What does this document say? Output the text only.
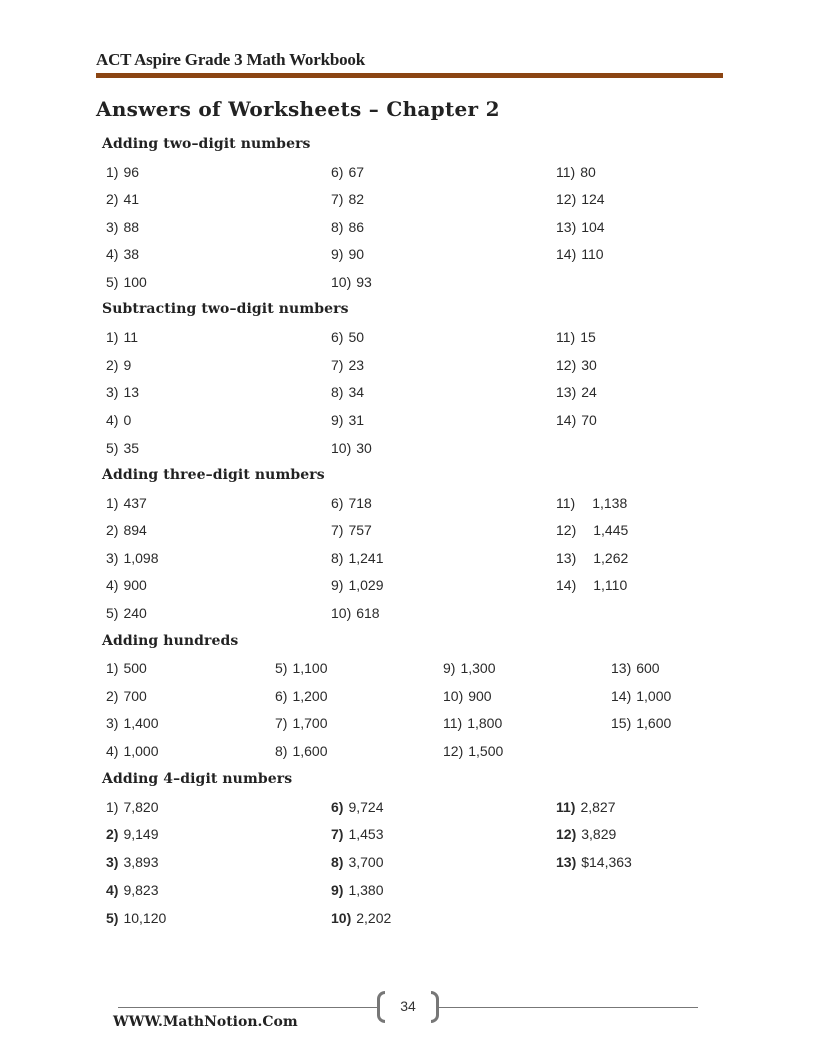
ACT Aspire Grade 3 Math Workbook
Answers of Worksheets – Chapter 2
Adding two–digit numbers
1) 96
2) 41
3) 88
4) 38
5) 100
6) 67
7) 82
8) 86
9) 90
10) 93
11) 80
12) 124
13) 104
14) 110
Subtracting two–digit numbers
1) 11
2) 9
3) 13
4) 0
5) 35
6) 50
7) 23
8) 34
9) 31
10) 30
11) 15
12) 30
13) 24
14) 70
Adding three–digit numbers
1) 437
2) 894
3) 1,098
4) 900
5) 240
6) 718
7) 757
8) 1,241
9) 1,029
10) 618
11) 1,138
12) 1,445
13) 1,262
14) 1,110
Adding hundreds
1) 500
2) 700
3) 1,400
4) 1,000
5) 1,100
6) 1,200
7) 1,700
8) 1,600
9) 1,300
10) 900
11) 1,800
12) 1,500
13) 600
14) 1,000
15) 1,600
Adding 4–digit numbers
1) 7,820
2) 9,149
3) 3,893
4) 9,823
5) 10,120
6) 9,724
7) 1,453
8) 3,700
9) 1,380
10) 2,202
11) 2,827
12) 3,829
13) $14,363
34
WWW.MathNotion.Com
